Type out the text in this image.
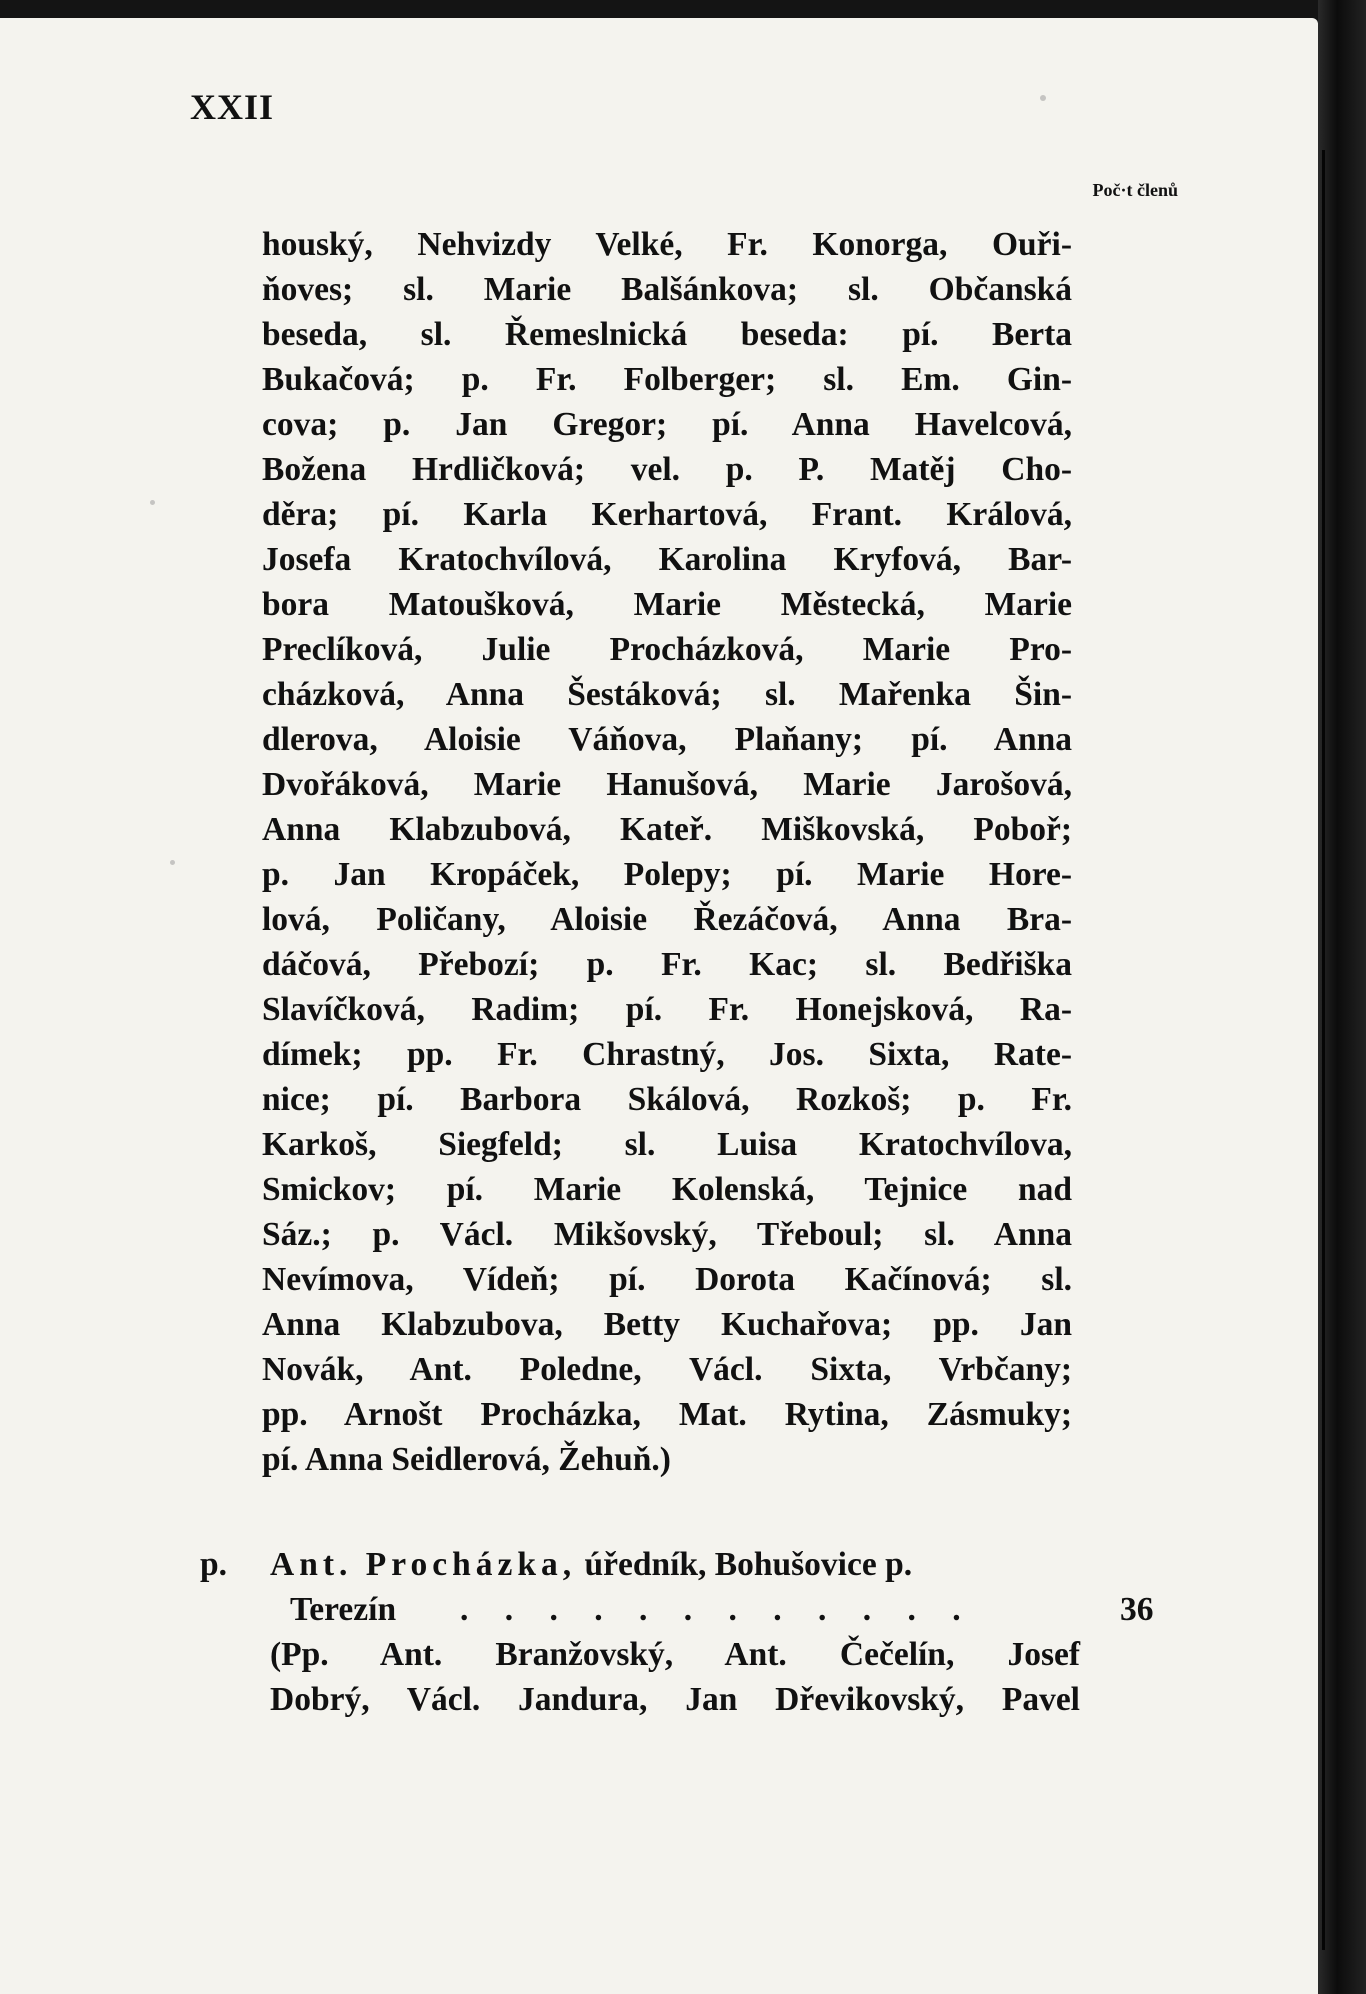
XXII
Poč·t členů
houský, Nehvizdy Velké, Fr. Konorga, Ouři-
ňoves; sl. Marie Balšánkova; sl. Občanská
beseda, sl. Řemeslnická beseda: pí. Berta
Bukačová; p. Fr. Folberger; sl. Em. Gin-
cova; p. Jan Gregor; pí. Anna Havelcová,
Božena Hrdličková; vel. p. P. Matěj Cho-
děra; pí. Karla Kerhartová, Frant. Králová,
Josefa Kratochvílová, Karolina Kryfová, Bar-
bora Matoušková, Marie Městecká, Marie
Preclíková, Julie Procházková, Marie Pro-
cházková, Anna Šestáková; sl. Mařenka Šin-
dlerova, Aloisie Váňova, Plaňany; pí. Anna
Dvořáková, Marie Hanušová, Marie Jarošová,
Anna Klabzubová, Kateř. Miškovská, Poboř;
p. Jan Kropáček, Polepy; pí. Marie Hore-
lová, Poličany, Aloisie Řezáčová, Anna Bra-
dáčová, Přebozí; p. Fr. Kac; sl. Bedřiška
Slavíčková, Radim; pí. Fr. Honejsková, Ra-
dímek; pp. Fr. Chrastný, Jos. Sixta, Rate-
nice; pí. Barbora Skálová, Rozkoš; p. Fr.
Karkoš, Siegfeld; sl. Luisa Kratochvílova,
Smickov; pí. Marie Kolenská, Tejnice nad
Sáz.; p. Václ. Mikšovský, Třeboul; sl. Anna
Nevímova, Vídeň; pí. Dorota Kačínová; sl.
Anna Klabzubova, Betty Kuchařova; pp. Jan
Novák, Ant. Poledne, Václ. Sixta, Vrbčany;
pp. Arnošt Procházka, Mat. Rytina, Zásmuky;
pí. Anna Seidlerová, Žehuň.)
p. Ant. Procházka, úředník, Bohušovice p.
Terezín . . . . . . . . . . . .	36
(Pp. Ant. Branžovský, Ant. Čečelín, Josef
Dobrý, Václ. Jandura, Jan Dřevikovský, Pavel
